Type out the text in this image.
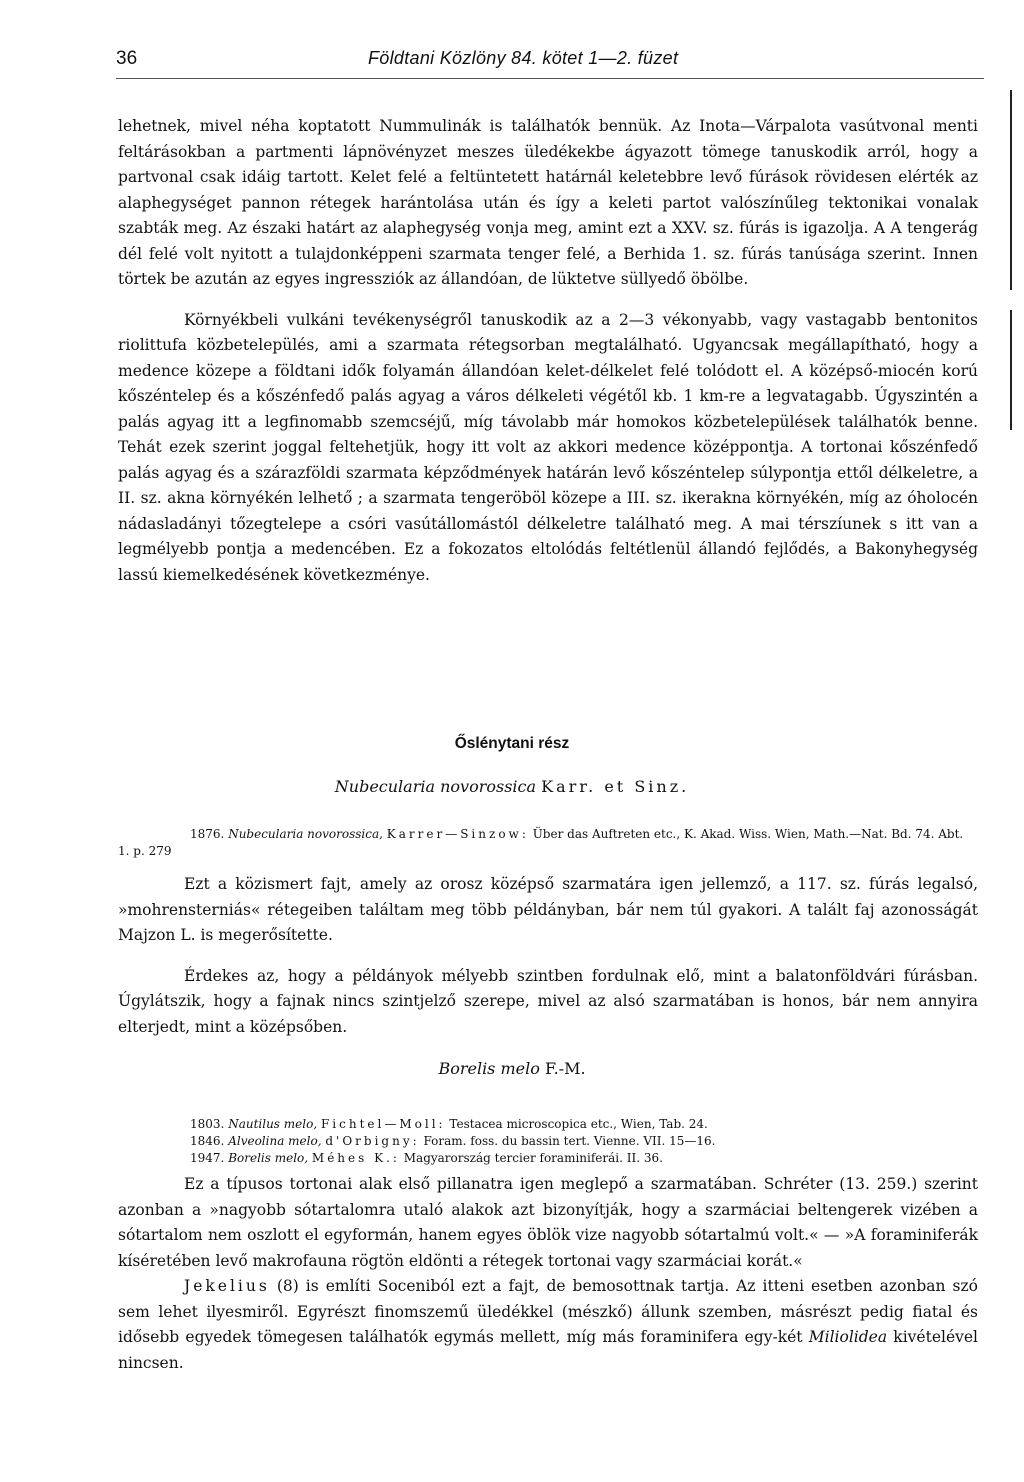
36	Földtani Közlöny 84. kötet 1—2. füzet

lehetnek, mivel néha koptatott Nummulinák is találhatók bennük. Az Inota—Várpalota vasútvonal menti feltárásokban a partmenti lápnövényzet meszes üledékekbe ágyazott tömege tanuskodik arról, hogy a partvonal csak idáig tartott. Kelet felé a feltüntetett határnál keletebbre levő fúrások rövidesen elérték az alaphegységet pannon rétegek harántolása után és így a keleti partot valószínűleg tektonikai vonalak szabták meg. Az északi határt az alaphegység vonja meg, amint ezt a XXV. sz. fúrás is igazolja. A A tengerág dél felé volt nyitott a tulajdonképpeni szarmata tenger felé, a Berhida 1. sz. fúrás tanúsága szerint. Innen törtek be azután az egyes ingressziók az állandóan, de lüktetve süllyedő öbölbe.

Környékbeli vulkáni tevékenységről tanuskodik az a 2—3 vékonyabb, vagy vastagabb bentonitos riolittufa közbetelepülés, ami a szarmata rétegsorban megtalálható. Ugyancsak megállapítható, hogy a medence közepe a földtani idők folyamán állandóan kelet-délkelet felé tolódott el. A középső-miocén korú kőszéntelep és a kőszénfedő palás agyag a város délkeleti végétől kb. 1 km-re a legvatagabb. Úgyszintén a palás agyag itt a legfinomabb szemcséjű, míg távolabb már homokos közbetelepülések találhatók benne. Tehát ezek szerint joggal feltehetjük, hogy itt volt az akkori medence középpontja. A tortonai kőszénfedő palás agyag és a szárazföldi szarmata képződmények határán levő kőszéntelep súlypontja ettől délkeletre, a II. sz. akna környékén lelhető ; a szarmata tengeröböl közepe a III. sz. ikerakna környékén, míg az óholocén nádasladányi tőzegtelepe a csóri vasútállomástól délkeletre található meg. A mai térszíunek s itt van a legmélyebb pontja a medencében. Ez a fokozatos eltolódás feltétlenül állandó fejlődés, a Bakonyhegység lassú kiemelkedésének következménye.

Őslénytani rész
Nubecularia novorossica Karr. et Sinz.

1876. Nubecularia novorossica, Karrer—Sinzow: Über das Auftreten etc., K. Akad. Wiss. Wien, Math.—Nat. Bd. 74. Abt. 1. p. 279

Ezt a közismert fajt, amely az orosz középső szarmatára igen jellemző, a 117. sz. fúrás legalsó, »mohrensterniás« rétegeiben találtam meg több példányban, bár nem túl gyakori. A talált faj azonosságát Majzon L. is megerősítette.

Érdekes az, hogy a példányok mélyebb szintben fordulnak elő, mint a balatonföldvári fúrásban. Úgylátszik, hogy a fajnak nincs szintjelző szerepe, mivel az alsó szarmatában is honos, bár nem annyira elterjedt, mint a középsőben.

Borelis melo F.-M.

1803. Nautilus melo, Fichtel—Moll: Testacea microscopica etc., Wien, Tab. 24.

1846. Alveolina melo, d'Orbigny: Foram. foss. du bassin tert. Vienne. VII. 15—16.

1947. Borelis melo, Méhes K.: Magyarország tercier foraminiferái. II. 36.

Ez a típusos tortonai alak első pillanatra igen meglepő a szarmatában. Schréter (13. 259.) szerint azonban a »nagyobb sótartalomra utaló alakok azt bizonyítják, hogy a szarmáciai beltengerek vizében a sótartalom nem oszlott el egyformán, hanem egyes öblök vize nagyobb sótartalmú volt.« — »A foraminiferák kíséretében levő makrofauna rögtön eldönti a rétegek tortonai vagy szarmáciai korát.«

Jekelius (8) is említi Soceniból ezt a fajt, de bemosottnak tartja. Az itteni esetben azonban szó sem lehet ilyesmiről. Egyrészt finomszemű üledékkel (mészkő) állunk szemben, másrészt pedig fiatal és idősebb egyedek tömegesen találhatók egymás mellett, míg más foraminifera egy-két Miliolidea kivételével nincsen.
